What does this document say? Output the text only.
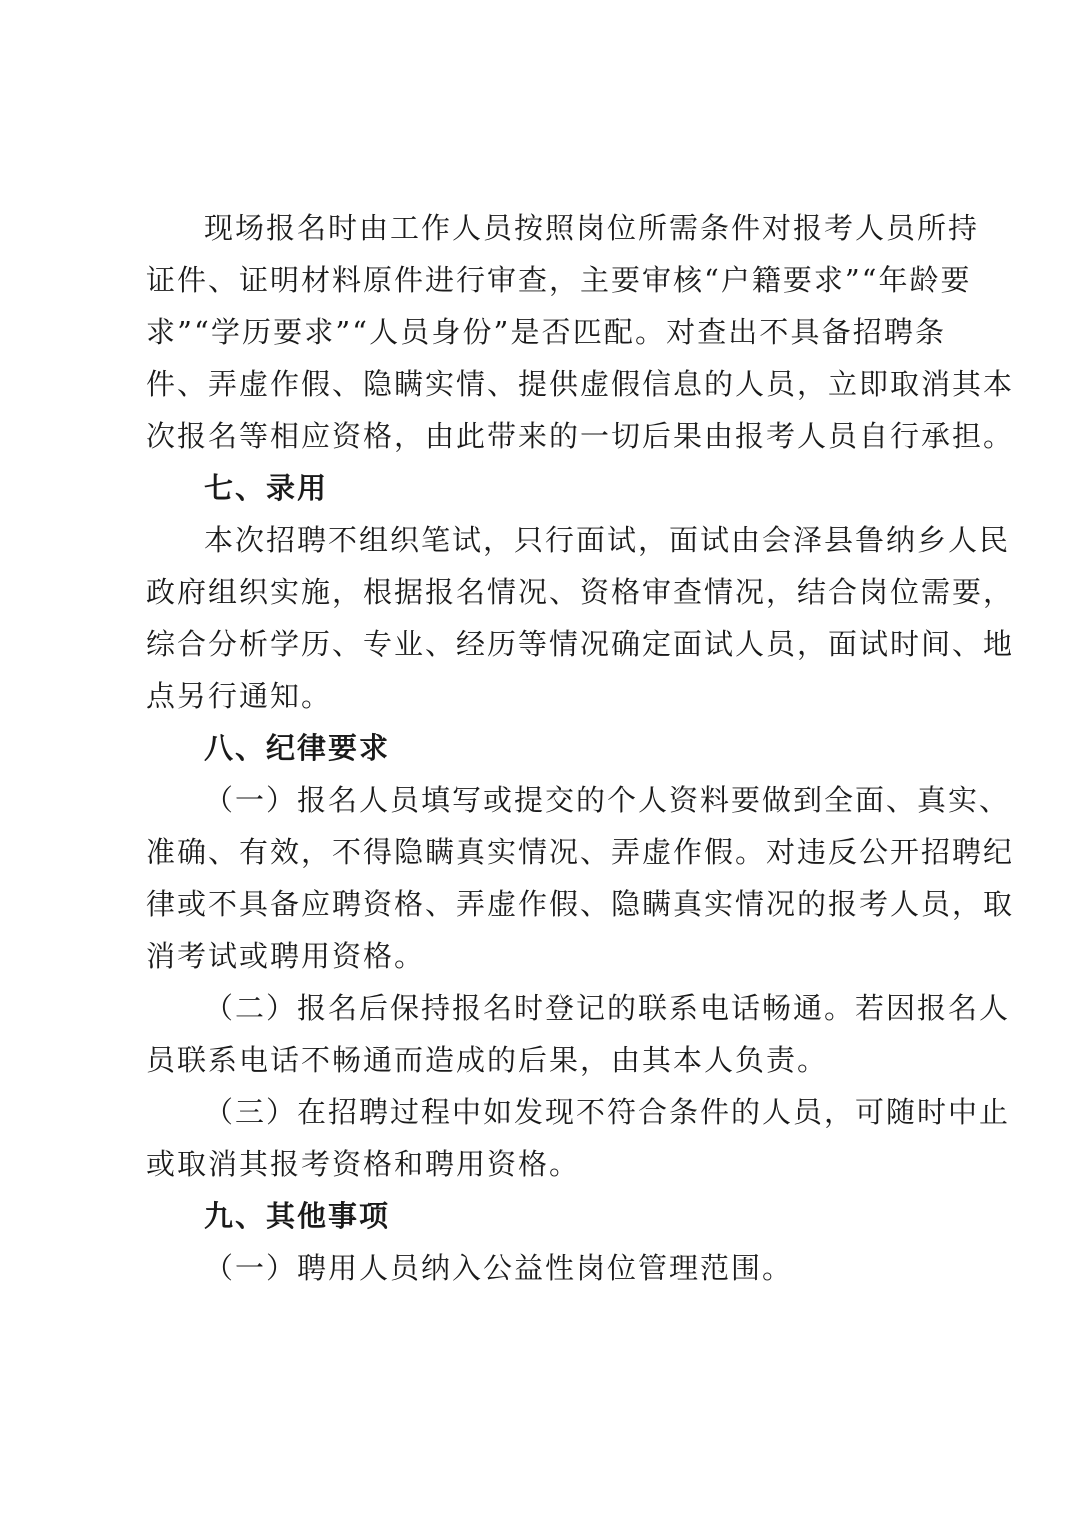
现场报名时由工作人员按照岗位所需条件对报考人员所持
证件、证明材料原件进行审查，主要审核“户籍要求”“年龄要
求”“学历要求”“人员身份”是否匹配。对查出不具备招聘条
件、弄虚作假、隐瞒实情、提供虚假信息的人员，立即取消其本
次报名等相应资格，由此带来的一切后果由报考人员自行承担。
七、录用
本次招聘不组织笔试，只行面试，面试由会泽县鲁纳乡人民
政府组织实施，根据报名情况、资格审查情况，结合岗位需要，
综合分析学历、专业、经历等情况确定面试人员，面试时间、地
点另行通知。
八、纪律要求
（一）报名人员填写或提交的个人资料要做到全面、真实、
准确、有效，不得隐瞒真实情况、弄虚作假。对违反公开招聘纪
律或不具备应聘资格、弄虚作假、隐瞒真实情况的报考人员，取
消考试或聘用资格。
（二）报名后保持报名时登记的联系电话畅通。若因报名人
员联系电话不畅通而造成的后果，由其本人负责。
（三）在招聘过程中如发现不符合条件的人员，可随时中止
或取消其报考资格和聘用资格。
九、其他事项
（一）聘用人员纳入公益性岗位管理范围。
